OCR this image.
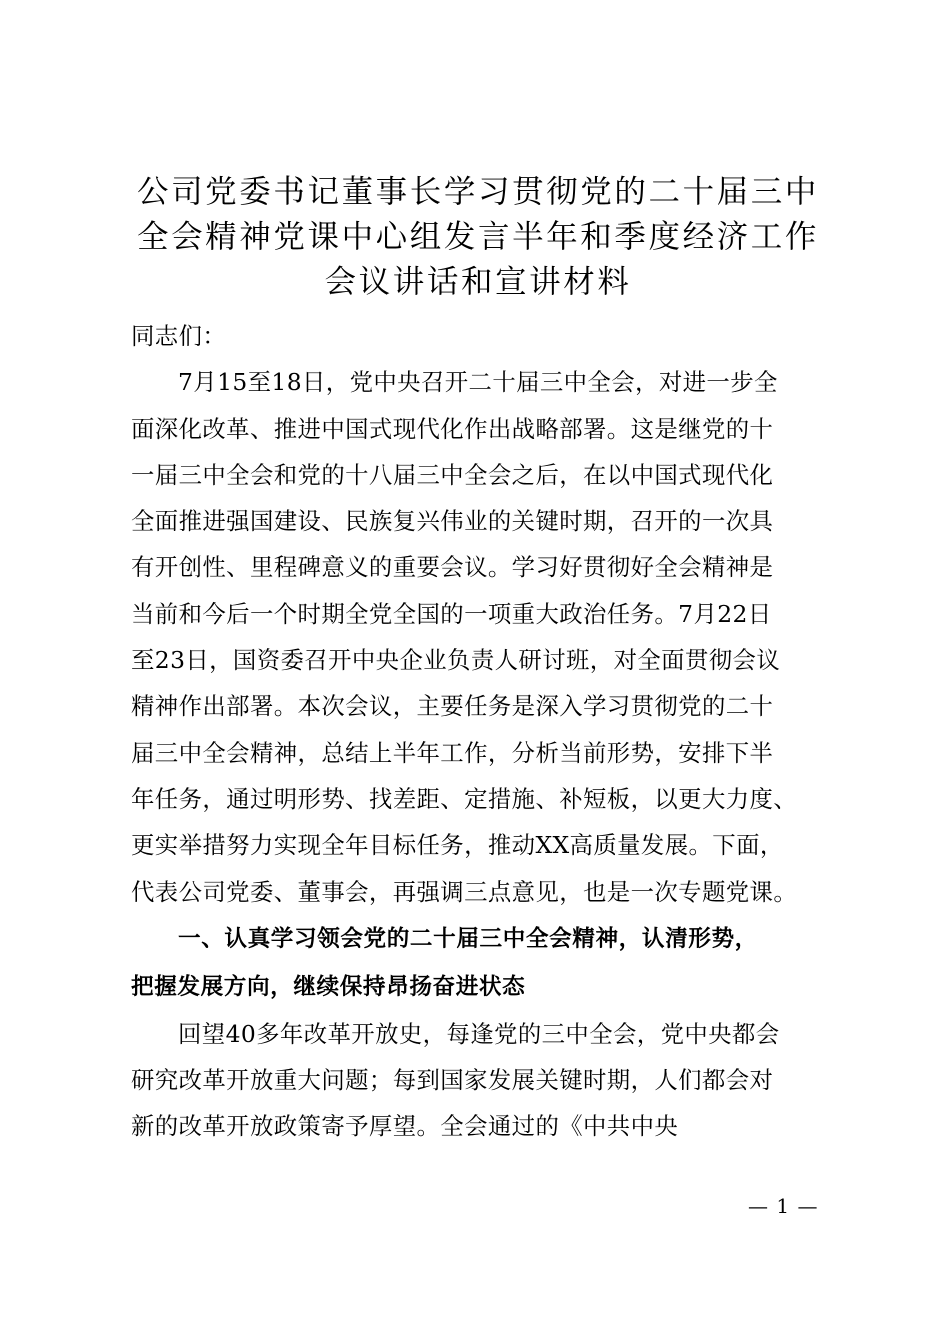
公司党委书记董事长学习贯彻党的二十届三中
全会精神党课中心组发言半年和季度经济工作
会议讲话和宣讲材料
同志们：
7月15至18日，党中央召开二十届三中全会，对进一步全
面深化改革、推进中国式现代化作出战略部署。这是继党的十
一届三中全会和党的十八届三中全会之后，在以中国式现代化
全面推进强国建设、民族复兴伟业的关键时期，召开的一次具
有开创性、里程碑意义的重要会议。学习好贯彻好全会精神是
当前和今后一个时期全党全国的一项重大政治任务。7月22日
至23日，国资委召开中央企业负责人研讨班，对全面贯彻会议
精神作出部署。本次会议，主要任务是深入学习贯彻党的二十
届三中全会精神，总结上半年工作，分析当前形势，安排下半
年任务，通过明形势、找差距、定措施、补短板，以更大力度、
更实举措努力实现全年目标任务，推动XX高质量发展。下面，
代表公司党委、董事会，再强调三点意见，也是一次专题党课。
一、认真学习领会党的二十届三中全会精神，认清形势，
把握发展方向，继续保持昂扬奋进状态
回望40多年改革开放史，每逢党的三中全会，党中央都会
研究改革开放重大问题；每到国家发展关键时期，人们都会对
新的改革开放政策寄予厚望。全会通过的《中共中央
— 1 —
